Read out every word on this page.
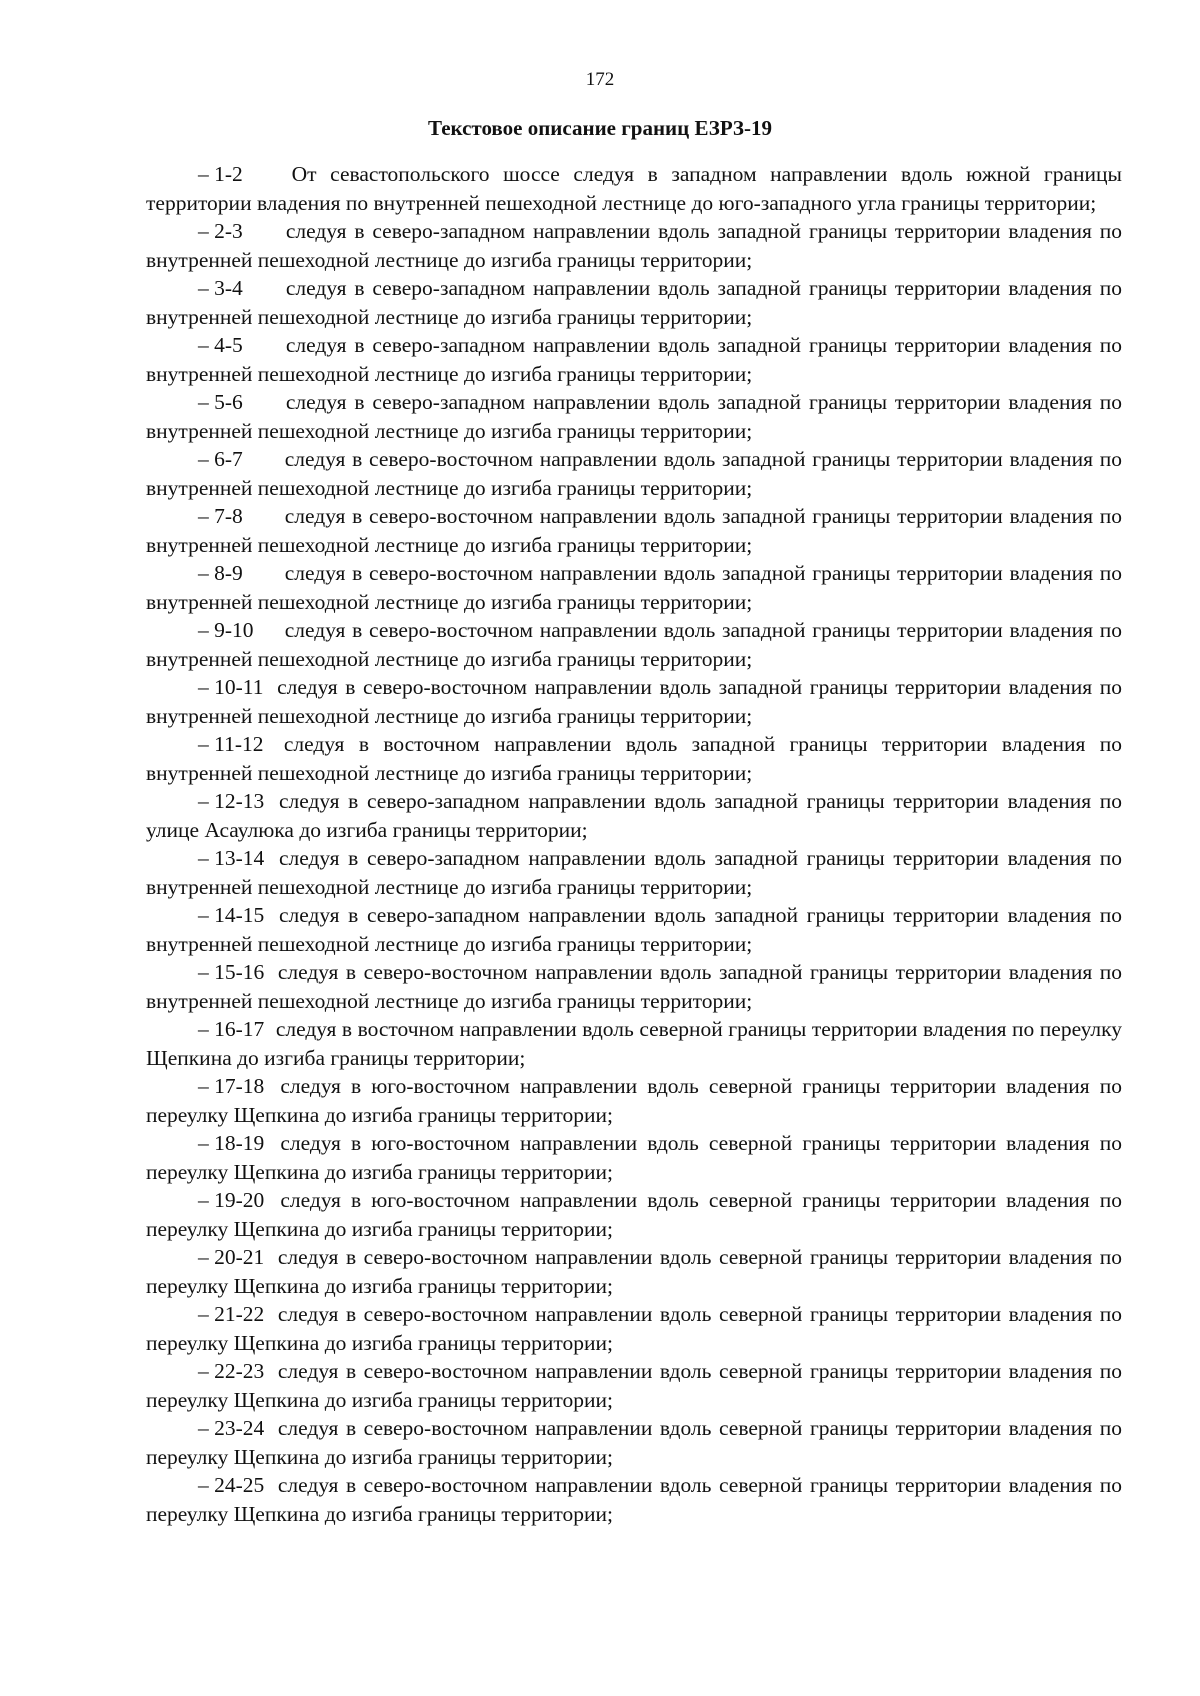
172
Текстовое описание границ ЕЗРЗ-19

– 1-2 От севастопольского шоссе следуя в западном направлении вдоль южной границы территории владения по внутренней пешеходной лестнице до юго-западного угла границы территории;

– 2-3 следуя в северо-западном направлении вдоль западной границы территории владения по внутренней пешеходной лестнице до изгиба границы территории;

– 3-4 следуя в северо-западном направлении вдоль западной границы территории владения по внутренней пешеходной лестнице до изгиба границы территории;

– 4-5 следуя в северо-западном направлении вдоль западной границы территории владения по внутренней пешеходной лестнице до изгиба границы территории;

– 5-6 следуя в северо-западном направлении вдоль западной границы территории владения по внутренней пешеходной лестнице до изгиба границы территории;

– 6-7 следуя в северо-восточном направлении вдоль западной границы территории владения по внутренней пешеходной лестнице до изгиба границы территории;

– 7-8 следуя в северо-восточном направлении вдоль западной границы территории владения по внутренней пешеходной лестнице до изгиба границы территории;

– 8-9 следуя в северо-восточном направлении вдоль западной границы территории владения по внутренней пешеходной лестнице до изгиба границы территории;

– 9-10 следуя в северо-восточном направлении вдоль западной границы территории владения по внутренней пешеходной лестнице до изгиба границы территории;

– 10-11 следуя в северо-восточном направлении вдоль западной границы территории владения по внутренней пешеходной лестнице до изгиба границы территории;

– 11-12 следуя в восточном направлении вдоль западной границы территории владения по внутренней пешеходной лестнице до изгиба границы территории;

– 12-13 следуя в северо-западном направлении вдоль западной границы территории владения по улице Асаулюка до изгиба границы территории;

– 13-14 следуя в северо-западном направлении вдоль западной границы территории владения по внутренней пешеходной лестнице до изгиба границы территории;

– 14-15 следуя в северо-западном направлении вдоль западной границы территории владения по внутренней пешеходной лестнице до изгиба границы территории;

– 15-16 следуя в северо-восточном направлении вдоль западной границы территории владения по внутренней пешеходной лестнице до изгиба границы территории;

– 16-17 следуя в восточном направлении вдоль северной границы территории владения по переулку Щепкина до изгиба границы территории;

– 17-18 следуя в юго-восточном направлении вдоль северной границы территории владения по переулку Щепкина до изгиба границы территории;

– 18-19 следуя в юго-восточном направлении вдоль северной границы территории владения по переулку Щепкина до изгиба границы территории;

– 19-20 следуя в юго-восточном направлении вдоль северной границы территории владения по переулку Щепкина до изгиба границы территории;

– 20-21 следуя в северо-восточном направлении вдоль северной границы территории владения по переулку Щепкина до изгиба границы территории;

– 21-22 следуя в северо-восточном направлении вдоль северной границы территории владения по переулку Щепкина до изгиба границы территории;

– 22-23 следуя в северо-восточном направлении вдоль северной границы территории владения по переулку Щепкина до изгиба границы территории;

– 23-24 следуя в северо-восточном направлении вдоль северной границы территории владения по переулку Щепкина до изгиба границы территории;

– 24-25 следуя в северо-восточном направлении вдоль северной границы территории владения по переулку Щепкина до изгиба границы территории;
